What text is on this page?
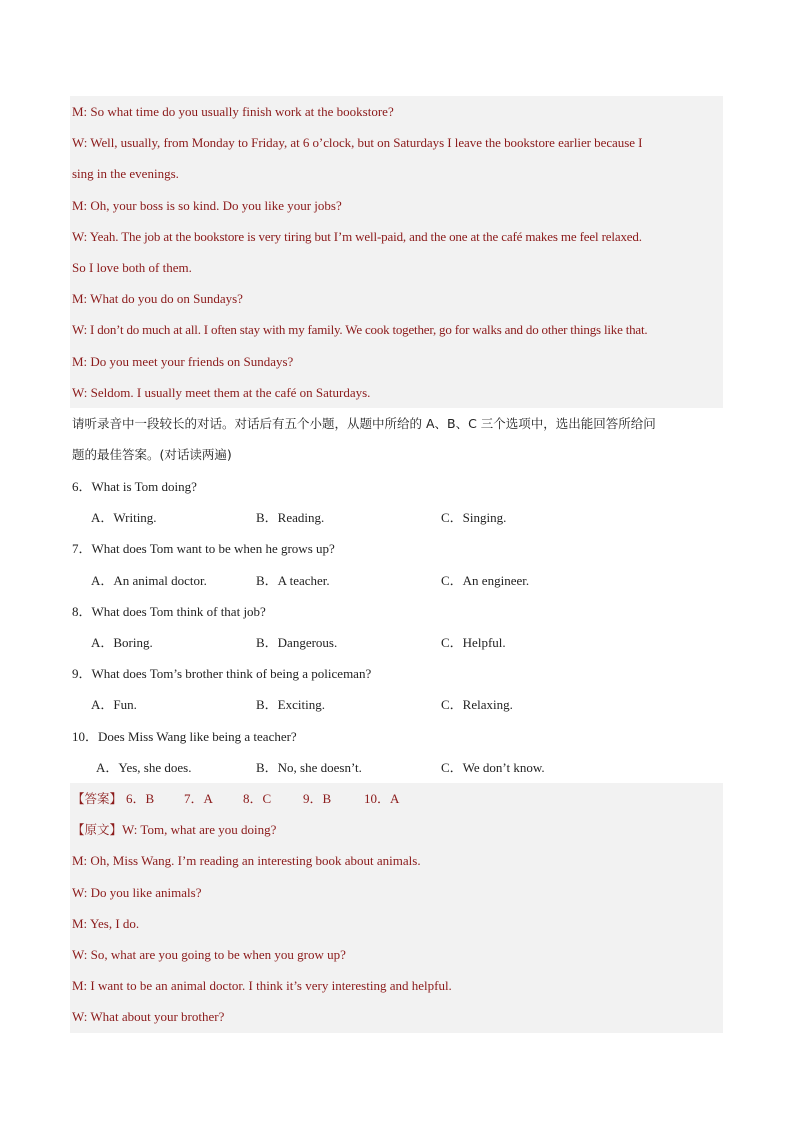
M: So what time do you usually finish work at the bookstore?
W: Well, usually, from Monday to Friday, at 6 o’clock, but on Saturdays I leave the bookstore earlier because I
sing in the evenings.
M: Oh, your boss is so kind. Do you like your jobs?
W: Yeah. The job at the bookstore is very tiring but I’m well-paid, and the one at the café makes me feel relaxed.
So I love both of them.
M: What do you do on Sundays?
W: I don’t do much at all. I often stay with my family. We cook together, go for walks and do other things like that.
M: Do you meet your friends on Sundays?
W: Seldom. I usually meet them at the café on Saturdays.
请听录音中一段较长的对话。对话后有五个小题，从题中所给的 A、B、C 三个选项中，选出能回答所给问
题的最佳答案。(对话读两遍)
6．What is Tom doing?
A．Writing.	B．Reading.	C．Singing.
7．What does Tom want to be when he grows up?
A．An animal doctor.	B．A teacher.	C．An engineer.
8．What does Tom think of that job?
A．Boring.	B．Dangerous.	C．Helpful.
9．What does Tom’s brother think of being a policeman?
A．Fun.	B．Exciting.	C．Relaxing.
10．Does Miss Wang like being a teacher?
A．Yes, she does.	B．No, she doesn’t.	C．We don’t know.
【答案】 6．B 7．A 8．C 9．B	10．A
【原文】W: Tom, what are you doing?
M: Oh, Miss Wang. I’m reading an interesting book about animals.
W: Do you like animals?
M: Yes, I do.
W: So, what are you going to be when you grow up?
M: I want to be an animal doctor. I think it’s very interesting and helpful.
W: What about your brother?
